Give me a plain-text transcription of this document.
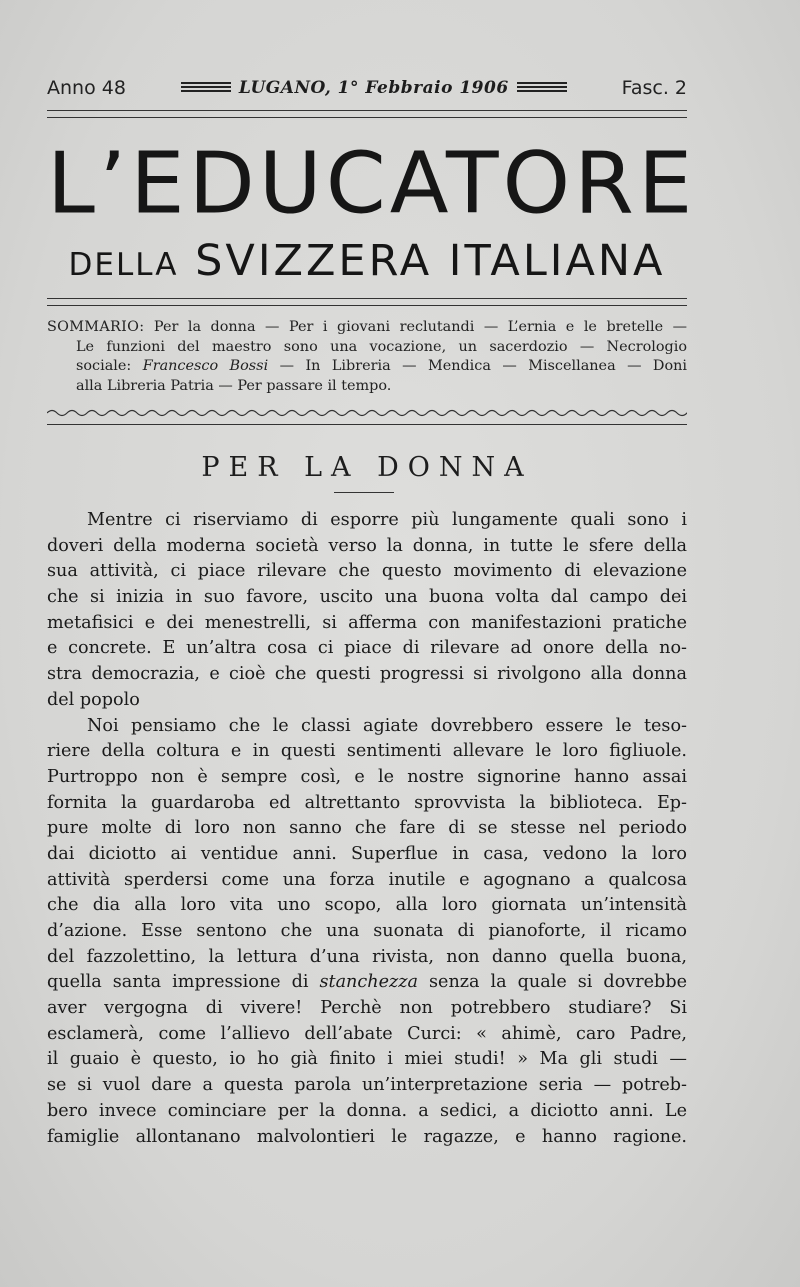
Anno 48	LUGANO, 1° Febbraio 1906	Fasc. 2
L’EDUCATORE
DELLA SVIZZERA ITALIANA
SOMMARIO: Per la donna — Per i giovani reclutandi — L’ernia e le bretelle —
Le funzioni del maestro sono una vocazione, un sacerdozio — Necrologio
sociale: Francesco Bossi — In Libreria — Mendica — Miscellanea — Doni
alla Libreria Patria — Per passare il tempo.
PER LA DONNA
Mentre ci riserviamo di esporre più lungamente quali sono i
doveri della moderna società verso la donna, in tutte le sfere della
sua attività, ci piace rilevare che questo movimento di elevazione
che si inizia in suo favore, uscito una buona volta dal campo dei
metafisici e dei menestrelli, si afferma con manifestazioni pratiche
e concrete. E un’altra cosa ci piace di rilevare ad onore della no-
stra democrazia, e cioè che questi progressi si rivolgono alla donna
del popolo
Noi pensiamo che le classi agiate dovrebbero essere le teso-
riere della coltura e in questi sentimenti allevare le loro figliuole.
Purtroppo non è sempre così, e le nostre signorine hanno assai
fornita la guardaroba ed altrettanto sprovvista la biblioteca. Ep-
pure molte di loro non sanno che fare di se stesse nel periodo
dai diciotto ai ventidue anni. Superflue in casa, vedono la loro
attività sperdersi come una forza inutile e agognano a qualcosa
che dia alla loro vita uno scopo, alla loro giornata un’intensità
d’azione. Esse sentono che una suonata di pianoforte, il ricamo
del fazzolettino, la lettura d’una rivista, non danno quella buona,
quella santa impressione di stanchezza senza la quale si dovrebbe
aver vergogna di vivere! Perchè non potrebbero studiare? Si
esclamerà, come l’allievo dell’abate Curci: « ahimè, caro Padre,
il guaio è questo, io ho già finito i miei studi! » Ma gli studi —
se si vuol dare a questa parola un’interpretazione seria — potreb-
bero invece cominciare per la donna. a sedici, a diciotto anni. Le
famiglie allontanano malvolontieri le ragazze, e hanno ragione.
